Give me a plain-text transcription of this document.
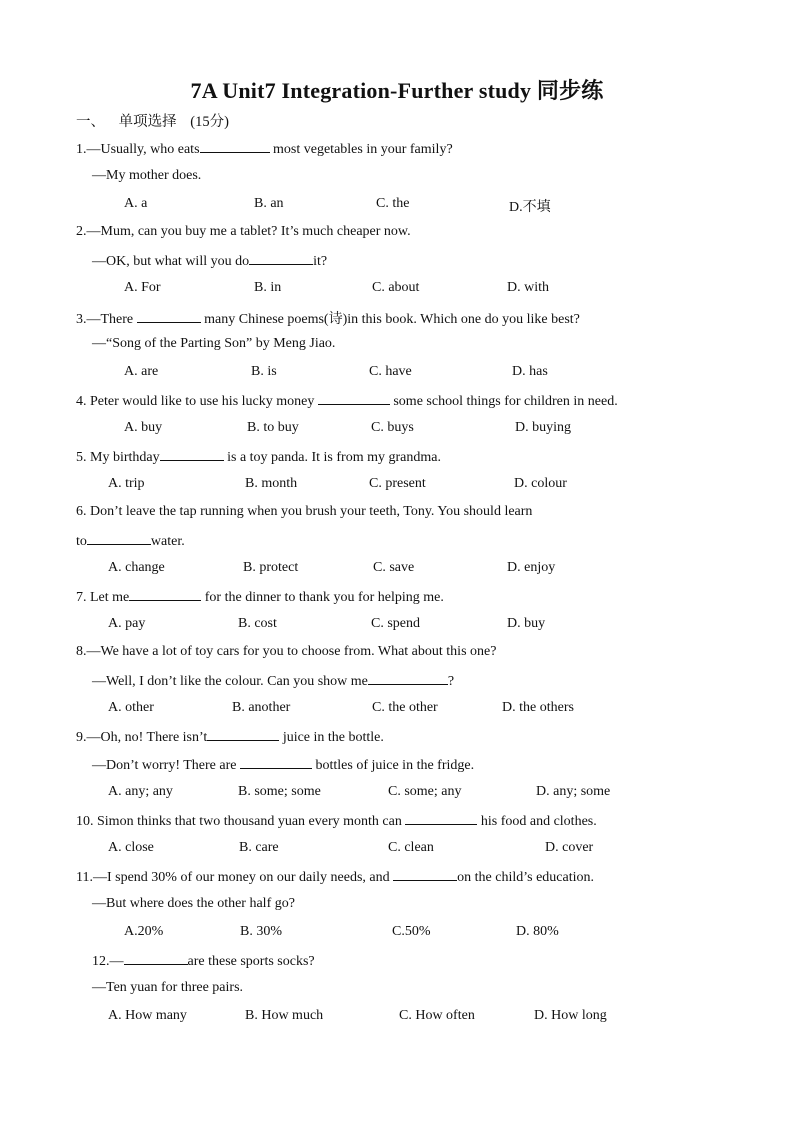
7A Unit7 Integration-Further study 同步练
一、 单项选择 (15分)
1.—Usually, who eats	most vegetables in your family?
—My mother does.
A. a	B. an	C. the	D.不填
2.—Mum, can you buy me a tablet? It’s much cheaper now.
—OK, but what will you do	it?
A. For	B. in	C. about	D. with
3.—There	many Chinese poems(诗)in this book. Which one do you like best?
—“Song of the Parting Son” by Meng Jiao.
A. are	B. is	C. have	D. has
4. Peter would like to use his lucky money	some school things for children in need.
A. buy	B. to buy	C. buys	D. buying
5. My birthday	is a toy panda. It is from my grandma.
A. trip	B. month	C. present	D. colour
6. Don’t leave the tap running when you brush your teeth, Tony. You should learn
to	water.
A. change	B. protect	C. save	D. enjoy
7. Let me	for the dinner to thank you for helping me.
A. pay	B. cost	C. spend	D. buy
8.—We have a lot of toy cars for you to choose from. What about this one?
—Well, I don’t like the colour. Can you show me	?
A. other	B. another	C. the other	D. the others
9.—Oh, no! There isn’t	juice in the bottle.
—Don’t worry! There are	bottles of juice in the fridge.
A. any; any	B. some; some	C. some; any	D. any; some
10. Simon thinks that two thousand yuan every month can	his food and clothes.
A. close	B. care	C. clean	D. cover
11.—I spend 30% of our money on our daily needs, and	on the child’s education.
—But where does the other half go?
A.20%	B. 30%	C.50%	D. 80%
12.—	are these sports socks?
—Ten yuan for three pairs.
A. How many	B. How much	C. How often	D. How long
